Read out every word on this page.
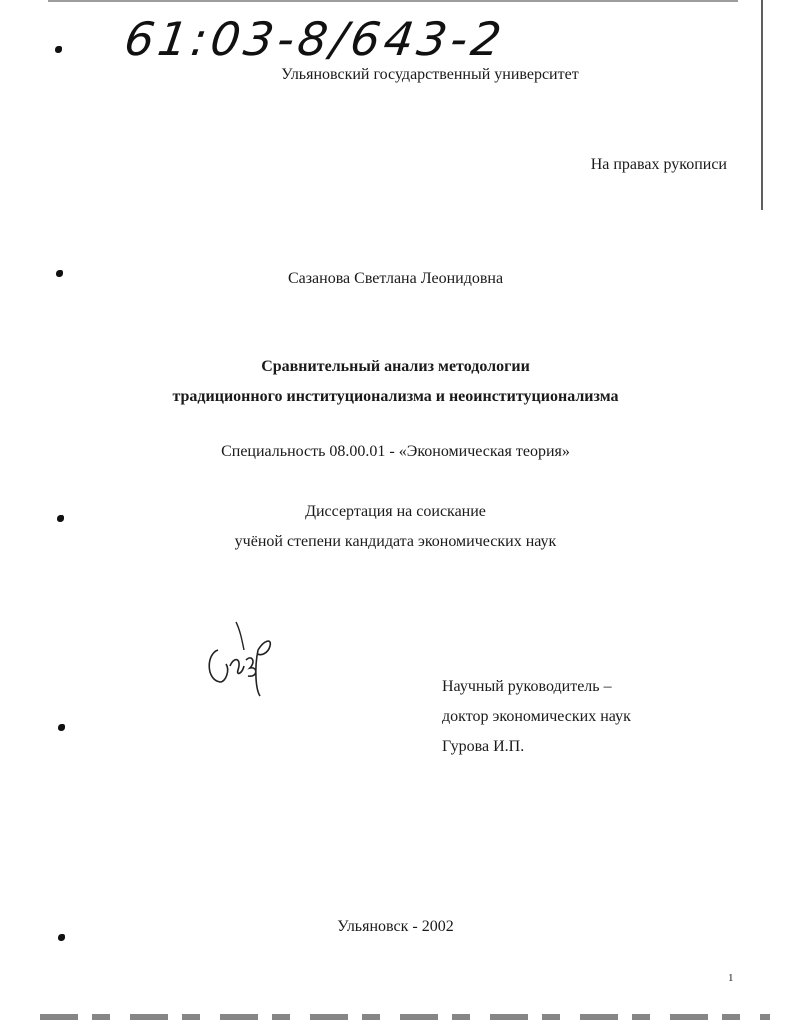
61:03-8/643-2
Ульяновский государственный университет
На правах рукописи
Сазанова Светлана Леонидовна
Сравнительный анализ методологии
традиционного институционализма и неоинституционализма
Специальность 08.00.01 - «Экономическая теория»
Диссертация на соискание
учёной степени кандидата экономических наук
Научный руководитель –
доктор экономических наук
Гурова И.П.
Ульяновск - 2002
1
